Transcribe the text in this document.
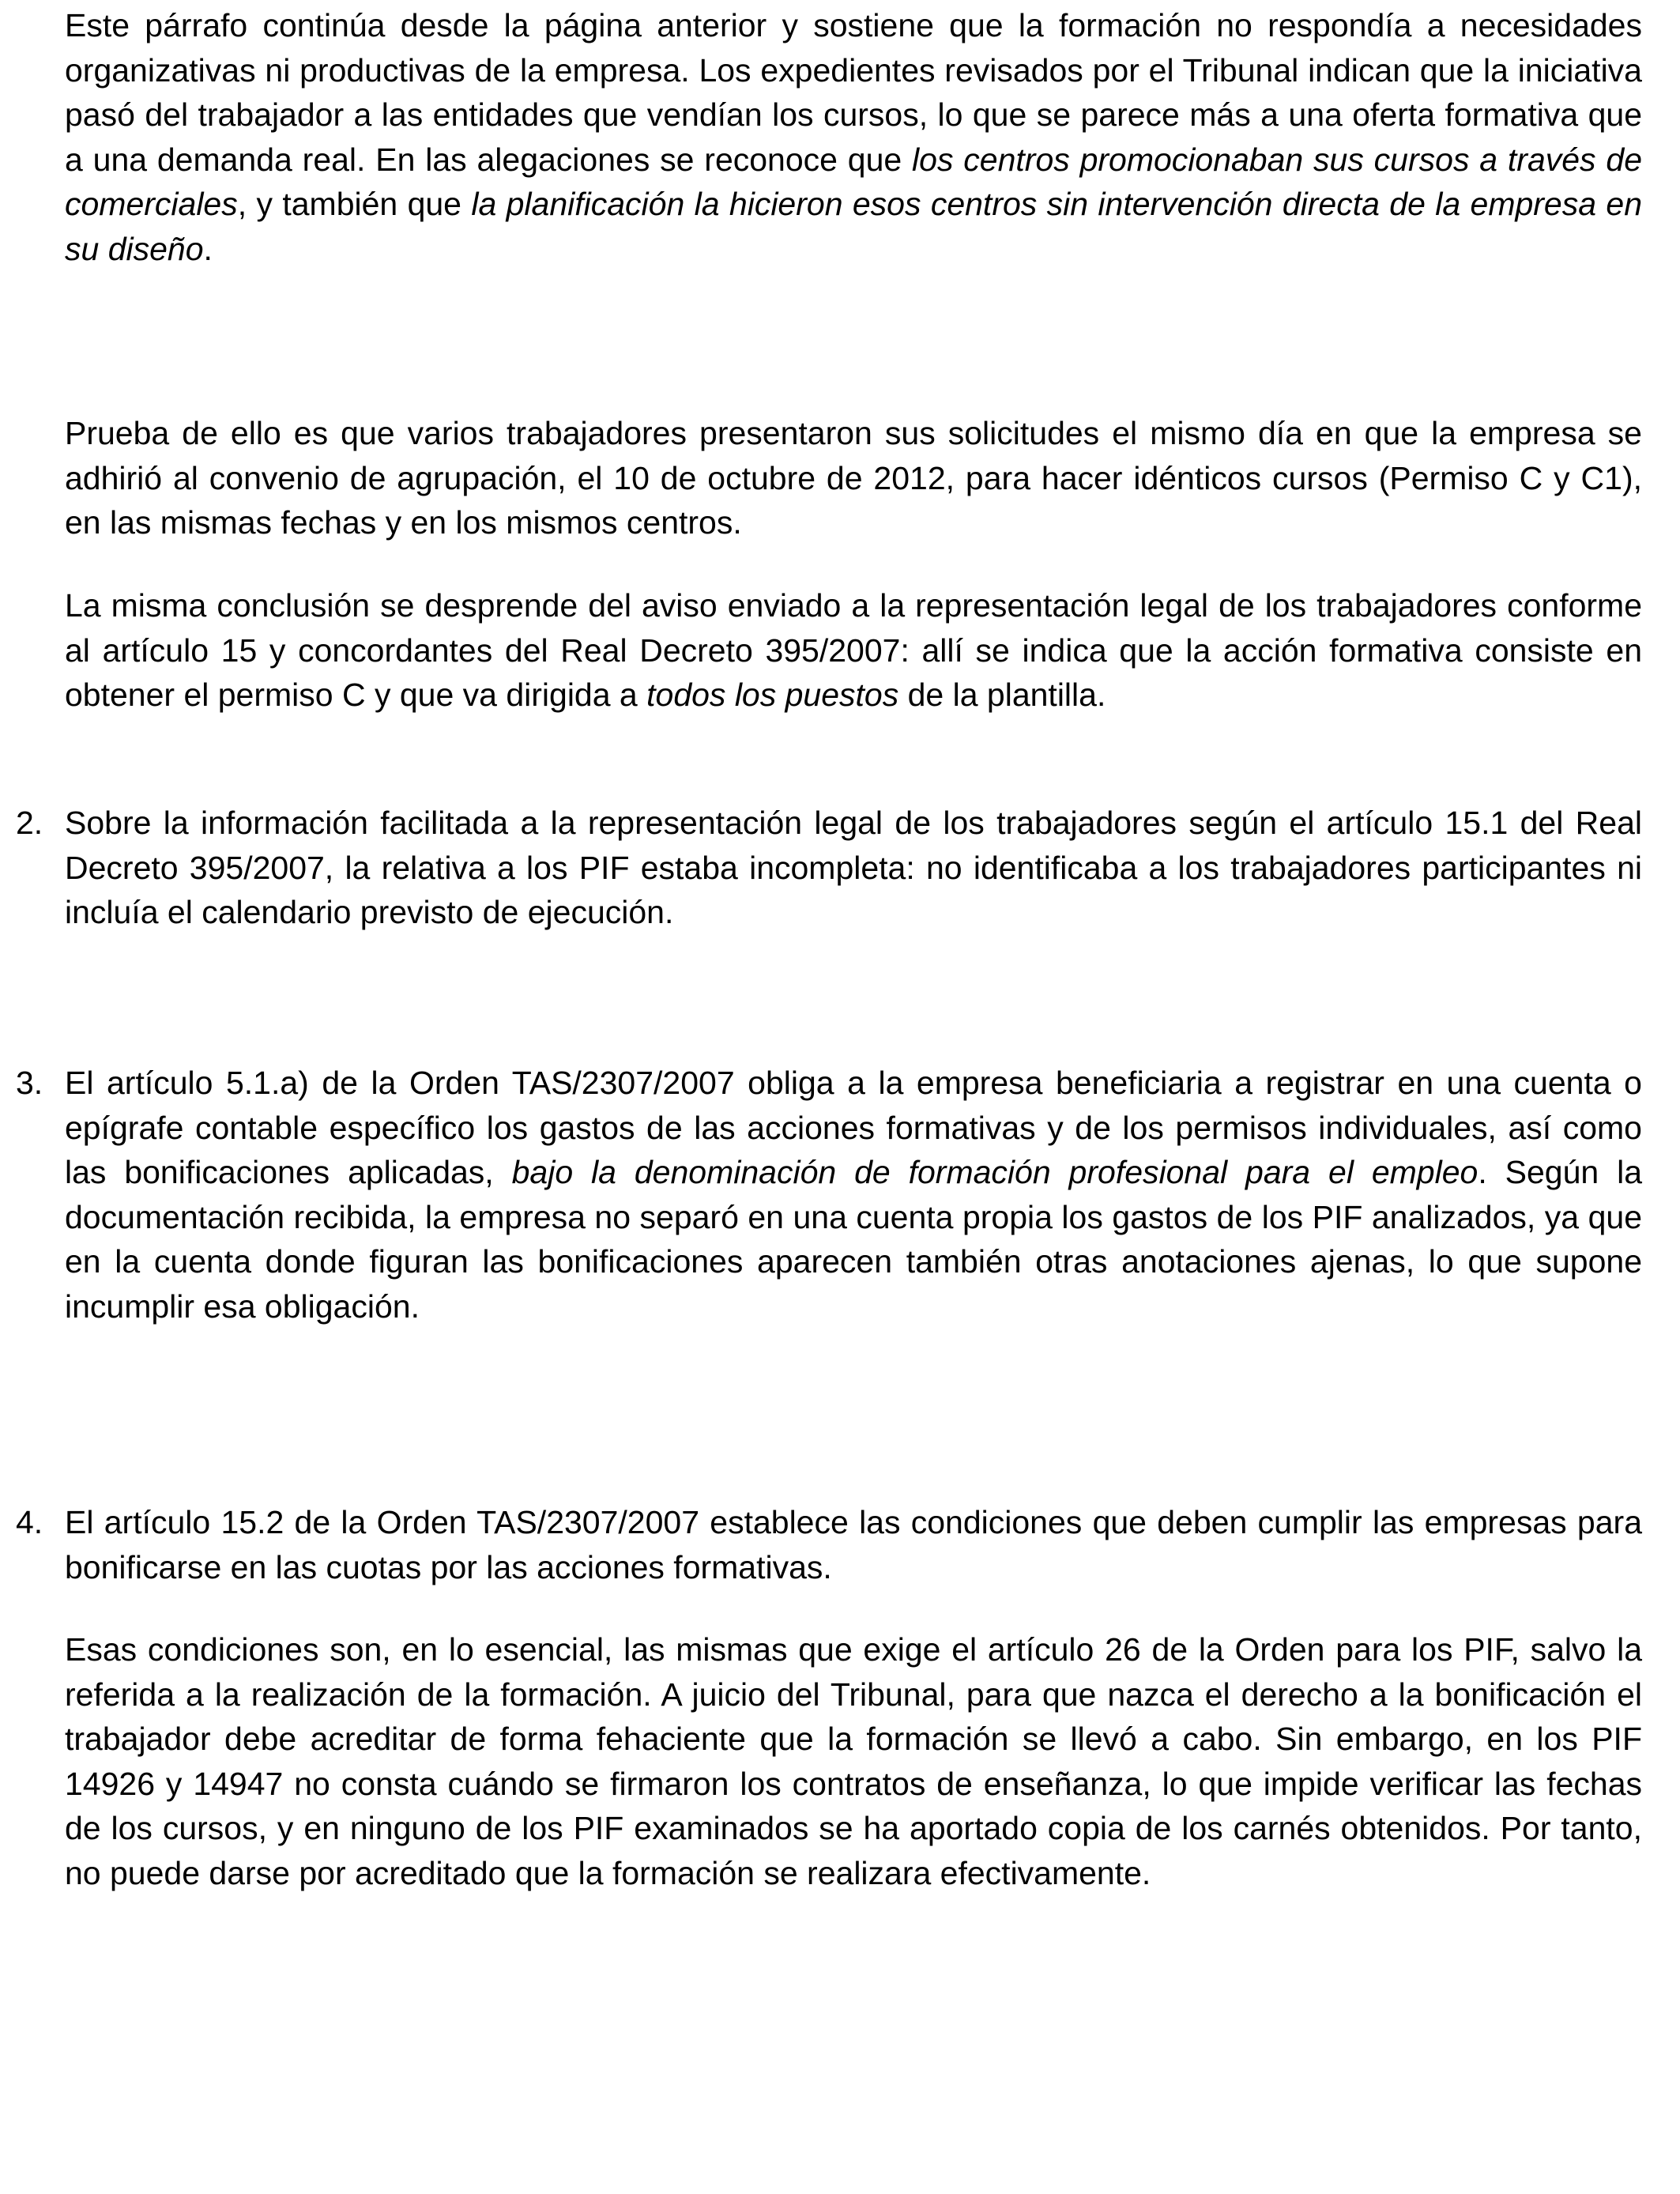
Este párrafo continúa desde la página anterior y sostiene que la formación no respondía a necesidades organizativas ni productivas de la empresa. Los expedientes revisados por el Tribunal indican que la iniciativa pasó del trabajador a las entidades que vendían los cursos, lo que se parece más a una oferta formativa que a una demanda real. En las alegaciones se reconoce que los centros promocionaban sus cursos a través de comerciales, y también que la planificación la hicieron esos centros sin intervención directa de la empresa en su diseño.

Prueba de ello es que varios trabajadores presentaron sus solicitudes el mismo día en que la empresa se adhirió al convenio de agrupación, el 10 de octubre de 2012, para hacer idénticos cursos (Permiso C y C1), en las mismas fechas y en los mismos centros.

La misma conclusión se desprende del aviso enviado a la representación legal de los trabajadores conforme al artículo 15 y concordantes del Real Decreto 395/2007: allí se indica que la acción formativa consiste en obtener el permiso C y que va dirigida a todos los puestos de la plantilla.

2. Sobre la información facilitada a la representación legal de los trabajadores según el artículo 15.1 del Real Decreto 395/2007, la relativa a los PIF estaba incompleta: no identificaba a los trabajadores participantes ni incluía el calendario previsto de ejecución.

3. El artículo 5.1.a) de la Orden TAS/2307/2007 obliga a la empresa beneficiaria a registrar en una cuenta o epígrafe contable específico los gastos de las acciones formativas y de los permisos individuales, así como las bonificaciones aplicadas, bajo la denominación de formación profesional para el empleo. Según la documentación recibida, la empresa no separó en una cuenta propia los gastos de los PIF analizados, ya que en la cuenta donde figuran las bonificaciones aparecen también otras anotaciones ajenas, lo que supone incumplir esa obligación.

4. El artículo 15.2 de la Orden TAS/2307/2007 establece las condiciones que deben cumplir las empresas para bonificarse en las cuotas por las acciones formativas.

Esas condiciones son, en lo esencial, las mismas que exige el artículo 26 de la Orden para los PIF, salvo la referida a la realización de la formación. A juicio del Tribunal, para que nazca el derecho a la bonificación el trabajador debe acreditar de forma fehaciente que la formación se llevó a cabo. Sin embargo, en los PIF 14926 y 14947 no consta cuándo se firmaron los contratos de enseñanza, lo que impide verificar las fechas de los cursos, y en ninguno de los PIF examinados se ha aportado copia de los carnés obtenidos. Por tanto, no puede darse por acreditado que la formación se realizara efectivamente.
